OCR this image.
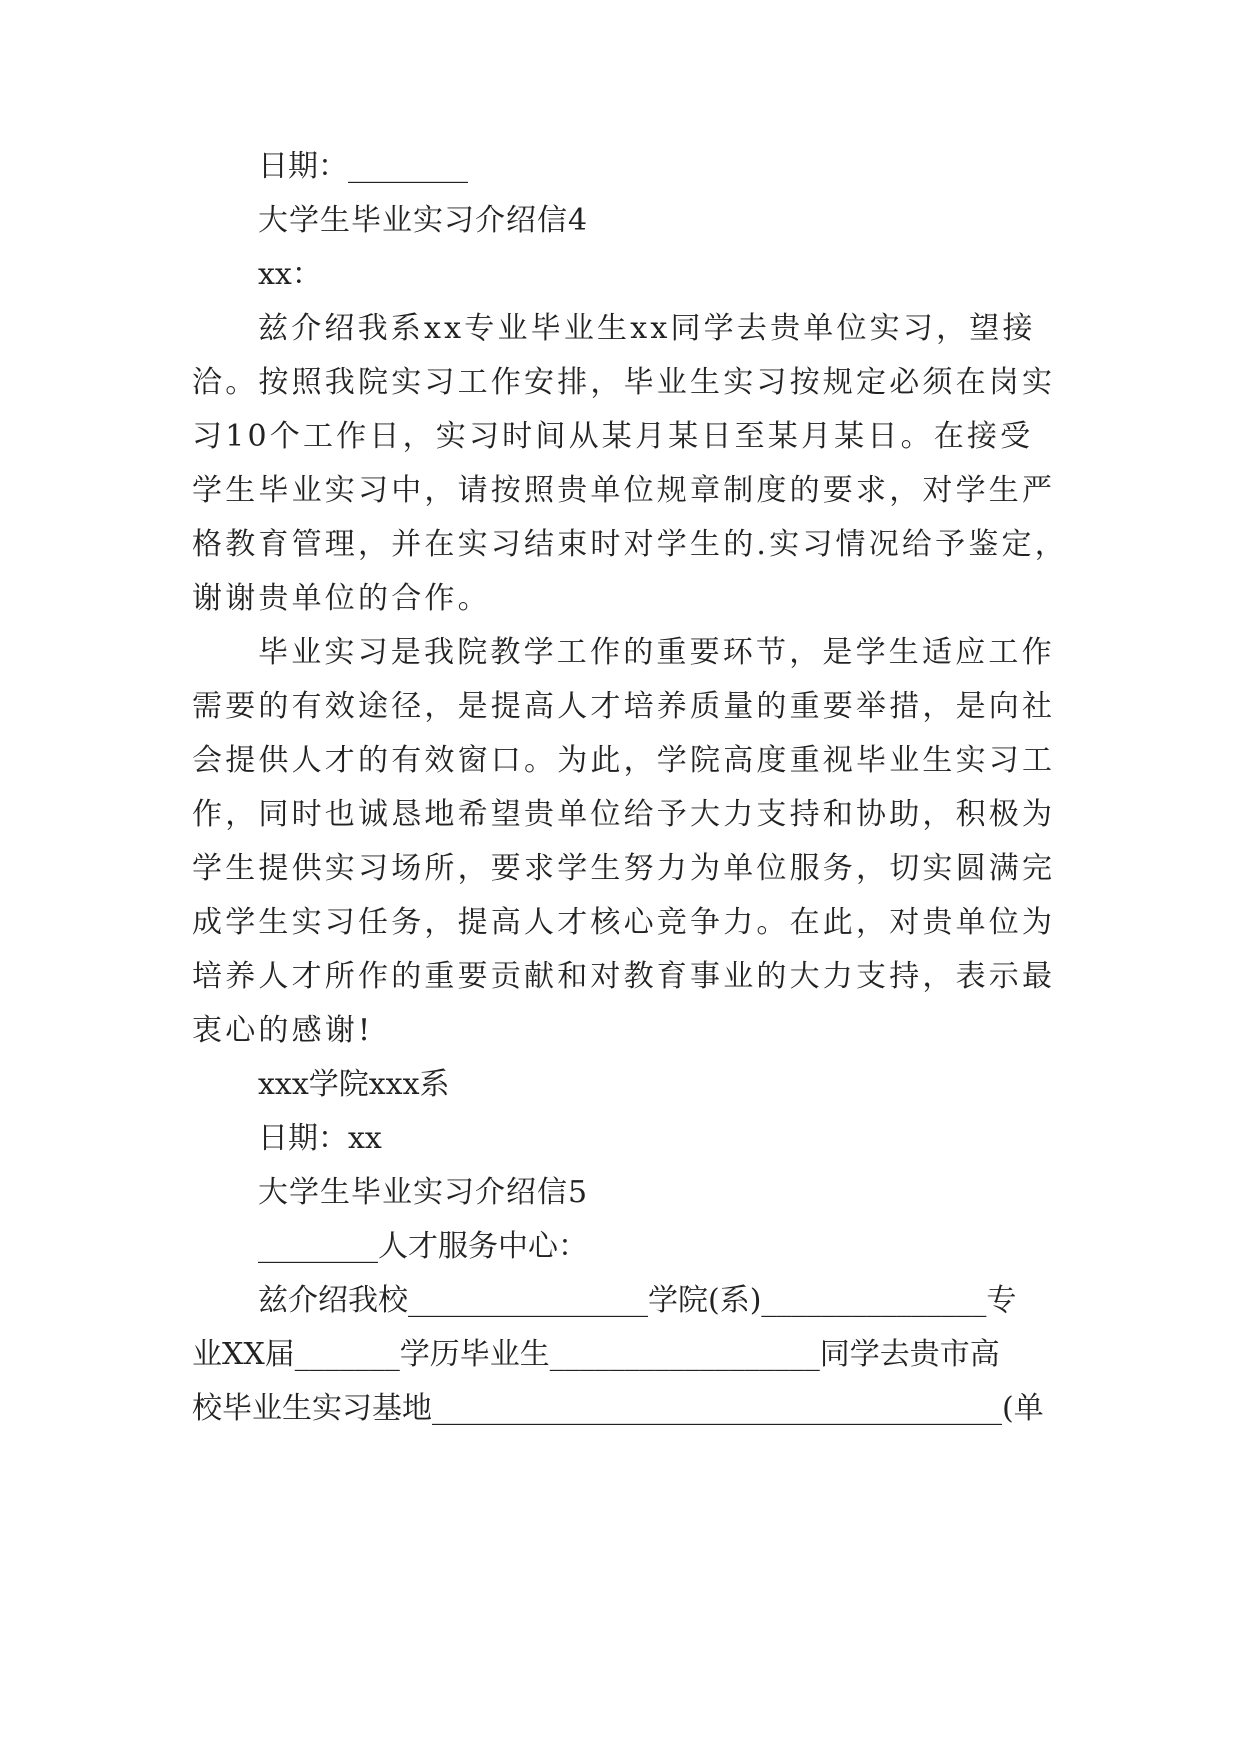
日期：________
大学生毕业实习介绍信4
xx：
兹介绍我系xx专业毕业生xx同学去贵单位实习，望接
洽。按照我院实习工作安排，毕业生实习按规定必须在岗实
习10个工作日，实习时间从某月某日至某月某日。在接受
学生毕业实习中，请按照贵单位规章制度的要求，对学生严
格教育管理，并在实习结束时对学生的.实习情况给予鉴定，
谢谢贵单位的合作。
毕业实习是我院教学工作的重要环节，是学生适应工作
需要的有效途径，是提高人才培养质量的重要举措，是向社
会提供人才的有效窗口。为此，学院高度重视毕业生实习工
作，同时也诚恳地希望贵单位给予大力支持和协助，积极为
学生提供实习场所，要求学生努力为单位服务，切实圆满完
成学生实习任务，提高人才核心竞争力。在此，对贵单位为
培养人才所作的重要贡献和对教育事业的大力支持，表示最
衷心的感谢!
xxx学院xxx系
日期：xx
大学生毕业实习介绍信5
________人才服务中心：
兹介绍我校________________学院(系)_______________专
业XX届_______学历毕业生__________________同学去贵市高
校毕业生实习基地______________________________________(单
